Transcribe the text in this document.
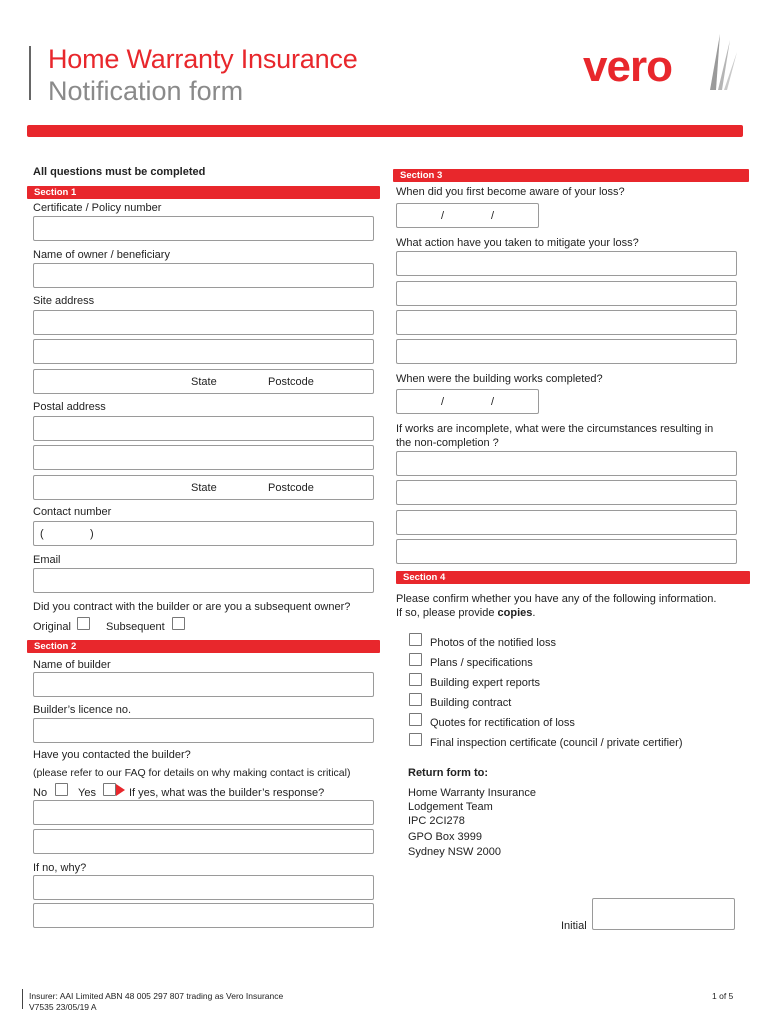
Home Warranty Insurance
Notification form	vero
All questions must be completed
Section 1
Certificate / Policy number
Name of owner / beneficiary
Site address
State	Postcode
Postal address
State	Postcode
Contact number
(	)
Email
Did you contract with the builder or are you a subsequent owner?
Original	Subsequent
Section 2
Name of builder
Builder’s licence no.
Have you contacted the builder?
(please refer to our FAQ for details on why making contact is critical)
No	Yes	If yes, what was the builder’s response?
If no, why?
Section 3
When did you first become aware of your loss?
/	/
What action have you taken to mitigate your loss?
When were the building works completed?
/	/
If works are incomplete, what were the circumstances resulting in
the non-completion ?
Section 4
Please confirm whether you have any of the following information.
If so, please provide copies.
Photos of the notified loss
Plans / specifications
Building expert reports
Building contract
Quotes for rectification of loss
Final inspection certificate (council / private certifier)
Return form to:
Home Warranty Insurance
Lodgement Team
IPC 2CI278
GPO Box 3999
Sydney NSW 2000
Initial
Insurer: AAI Limited ABN 48 005 297 807 trading as Vero Insurance
V7535 23/05/19 A
1 of 5
